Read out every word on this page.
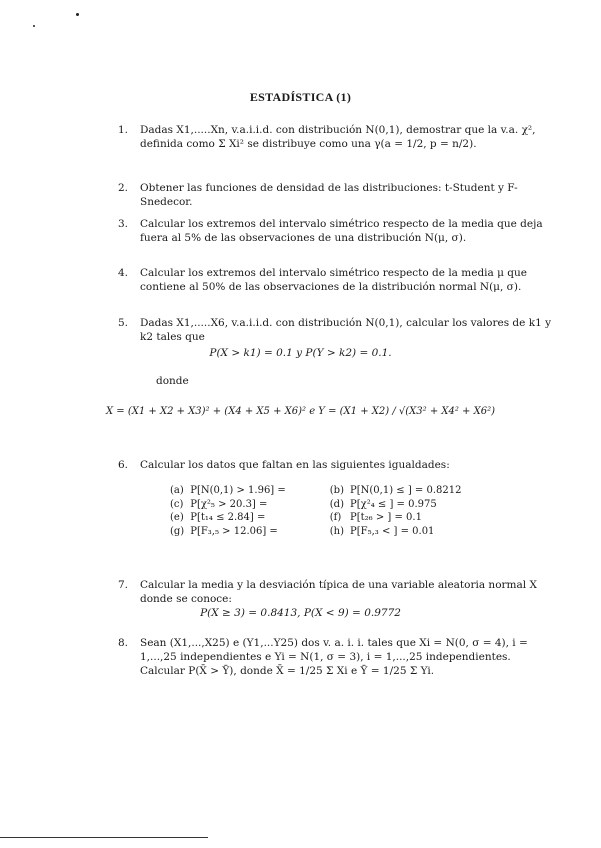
ESTADÍSTICA (1)
1. Dadas X1,.....Xn, v.a.i.i.d. con distribución N(0,1), demostrar que la v.a. χ², definida como Σ Xi² se distribuye como una γ(a = 1/2, p = n/2).
2. Obtener las funciones de densidad de las distribuciones: t-Student y F-Snedecor.
3. Calcular los extremos del intervalo simétrico respecto de la media que deja fuera al 5% de las observaciones de una distribución N(μ, σ).
4. Calcular los extremos del intervalo simétrico respecto de la media μ que contiene al 50% de las observaciones de la distribución normal N(μ, σ).
5. Dadas X1,.....X6, v.a.i.i.d. con distribución N(0,1), calcular los valores de k1 y k2 tales que
P(X > k1) = 0.1 y P(Y > k2) = 0.1.
donde
X = (X1 + X2 + X3)² + (X4 + X5 + X6)² e Y = (X1 + X2) / √(X3² + X4² + X6²)
6. Calcular los datos que faltan en las siguientes igualdades:
(a)	P[N(0,1) > 1.96] =		(b)	P[N(0,1) ≤ ] = 0.8212
(c)	P[χ²₅ > 20.3] =		(d)	P[χ²₄ ≤ ] = 0.975
(e)	P[t₁₄ ≤ 2.84] =		(f)	P[t₂₆ > ] = 0.1
(g)	P[F₃,₅ > 12.06] =		(h)	P[F₅,₃ < ] = 0.01
7. Calcular la media y la desviación típica de una variable aleatoria normal X donde se conoce:
P(X ≥ 3) = 0.8413, P(X < 9) = 0.9772
8. Sean (X1,...,X25) e (Y1,...Y25) dos v. a. i. i. tales que Xi = N(0, σ = 4), i = 1,...,25 independientes e Yi = N(1, σ = 3), i = 1,...,25 independientes. Calcular P(X̄ > Ȳ), donde X̄ = 1/25 Σ Xi e Ȳ = 1/25 Σ Yi.
